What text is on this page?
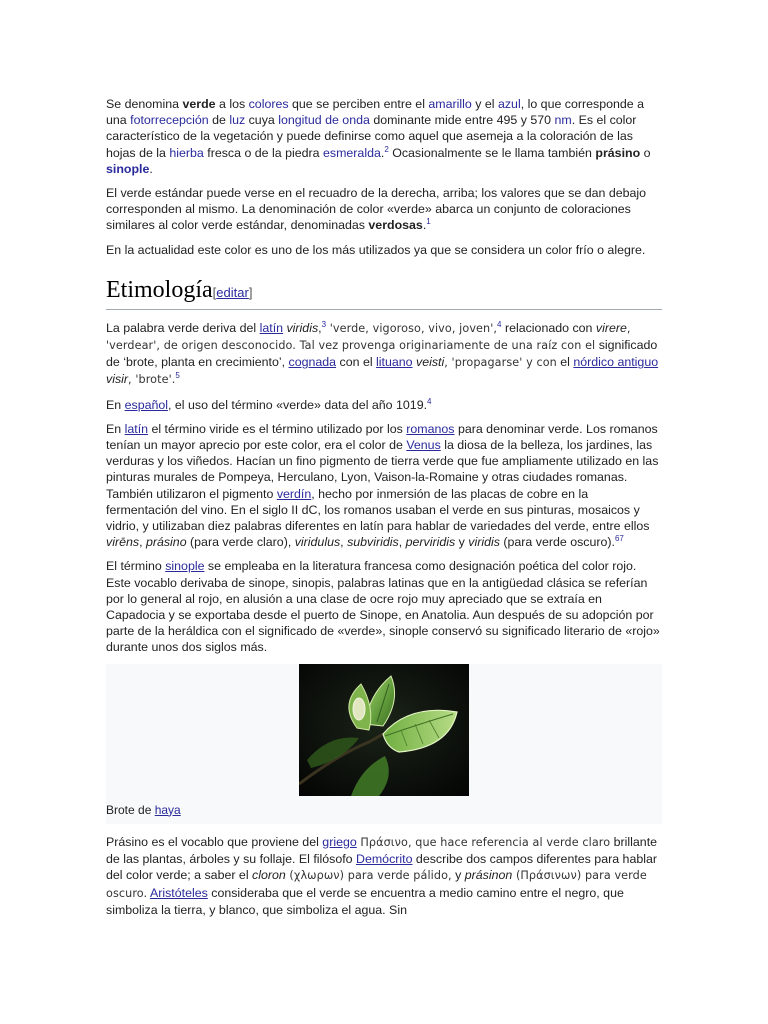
Se denomina verde a los colores que se perciben entre el amarillo y el azul, lo que corresponde a una fotorrecepción de luz cuya longitud de onda dominante mide entre 495 y 570 nm. Es el color característico de la vegetación y puede definirse como aquel que asemeja a la coloración de las hojas de la hierba fresca o de la piedra esmeralda.$^2$ Ocasionalmente se le llama también prásino o sinople.

El verde estándar puede verse en el recuadro de la derecha, arriba; los valores que se dan debajo corresponden al mismo. La denominación de color «verde» abarca un conjunto de coloraciones similares al color verde estándar, denominadas verdosas.$^1$

En la actualidad este color es uno de los más utilizados ya que se considera un color frío o alegre.

Etimología[editar]

La palabra verde deriva del latín viridis,$^3$ 'verde, vigoroso, vivo, joven',$^4$ relacionado con virere, 'verdear', de origen desconocido. Tal vez provenga originariamente de una raíz con el significado de ‘brote, planta en crecimiento’, cognada con el lituano veisti, 'propagarse' y con el nórdico antiguo visir, 'brote'.$^5$

En español, el uso del término «verde» data del año 1019.$^4$

En latín el término viride es el término utilizado por los romanos para denominar verde. Los romanos tenían un mayor aprecio por este color, era el color de Venus la diosa de la belleza, los jardines, las verduras y los viñedos. Hacían un fino pigmento de tierra verde que fue ampliamente utilizado en las pinturas murales de Pompeya, Herculano, Lyon, Vaison-la-Romaine y otras ciudades romanas. También utilizaron el pigmento verdín, hecho por inmersión de las placas de cobre en la fermentación del vino. En el siglo II dC, los romanos usaban el verde en sus pinturas, mosaicos y vidrio, y utilizaban diez palabras diferentes en latín para hablar de variedades del verde, entre ellos virēns, prásino (para verde claro), viridulus, subviridis, perviridis y viridis (para verde oscuro).$^{67}$

El término sinople se empleaba en la literatura francesa como designación poética del color rojo. Este vocablo derivaba de sinope, sinopis, palabras latinas que en la antigüedad clásica se referían por lo general al rojo, en alusión a una clase de ocre rojo muy apreciado que se extraía en Capadocia y se exportaba desde el puerto de Sinope, en Anatolia. Aun después de su adopción por parte de la heráldica con el significado de «verde», sinople conservó su significado literario de «rojo» durante unos dos siglos más.

Brote de haya

Prásino es el vocablo que proviene del griego Πράσινο, que hace referencia al verde claro brillante de las plantas, árboles y su follaje. El filósofo Demócrito describe dos campos diferentes para hablar del color verde; a saber el cloron (χλωρων) para verde pálido, y prásinon (Πράσινων) para verde oscuro. Aristóteles consideraba que el verde se encuentra a medio camino entre el negro, que simboliza la tierra, y blanco, que simboliza el agua. Sin
